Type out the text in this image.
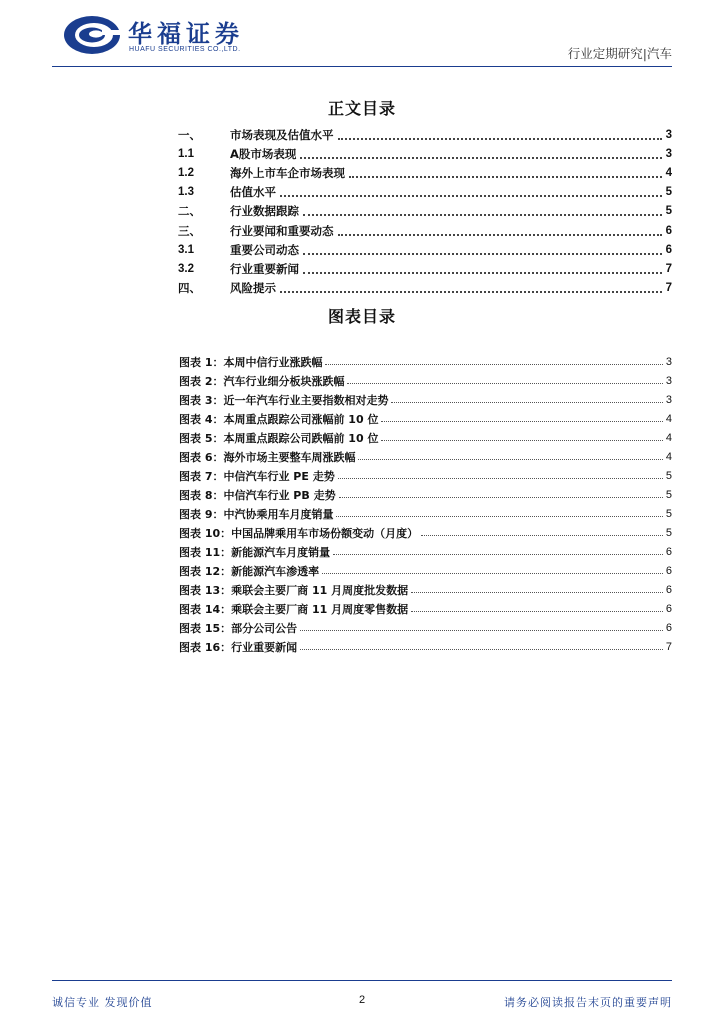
华福证券
HUAFU SECURITIES CO.,LTD.	行业定期研究|汽车
正文目录
一、	市场表现及估值水平	3
1.1	A股市场表现	3
1.2	海外上市车企市场表现	4
1.3	估值水平	5
二、	行业数据跟踪	5
三、	行业要闻和重要动态	6
3.1	重要公司动态	6
3.2	行业重要新闻	7
四、	风险提示	7
图表目录
图表 1：本周中信行业涨跌幅	3
图表 2：汽车行业细分板块涨跌幅	3
图表 3：近一年汽车行业主要指数相对走势	3
图表 4：本周重点跟踪公司涨幅前 10 位	4
图表 5：本周重点跟踪公司跌幅前 10 位	4
图表 6：海外市场主要整车周涨跌幅	4
图表 7：中信汽车行业 PE 走势	5
图表 8：中信汽车行业 PB 走势	5
图表 9：中汽协乘用车月度销量	5
图表 10：中国品牌乘用车市场份额变动（月度）	5
图表 11：新能源汽车月度销量	6
图表 12：新能源汽车渗透率	6
图表 13：乘联会主要厂商 11 月周度批发数据	6
图表 14：乘联会主要厂商 11 月周度零售数据	6
图表 15：部分公司公告	6
图表 16：行业重要新闻	7
诚信专业 发现价值	2	请务必阅读报告末页的重要声明
